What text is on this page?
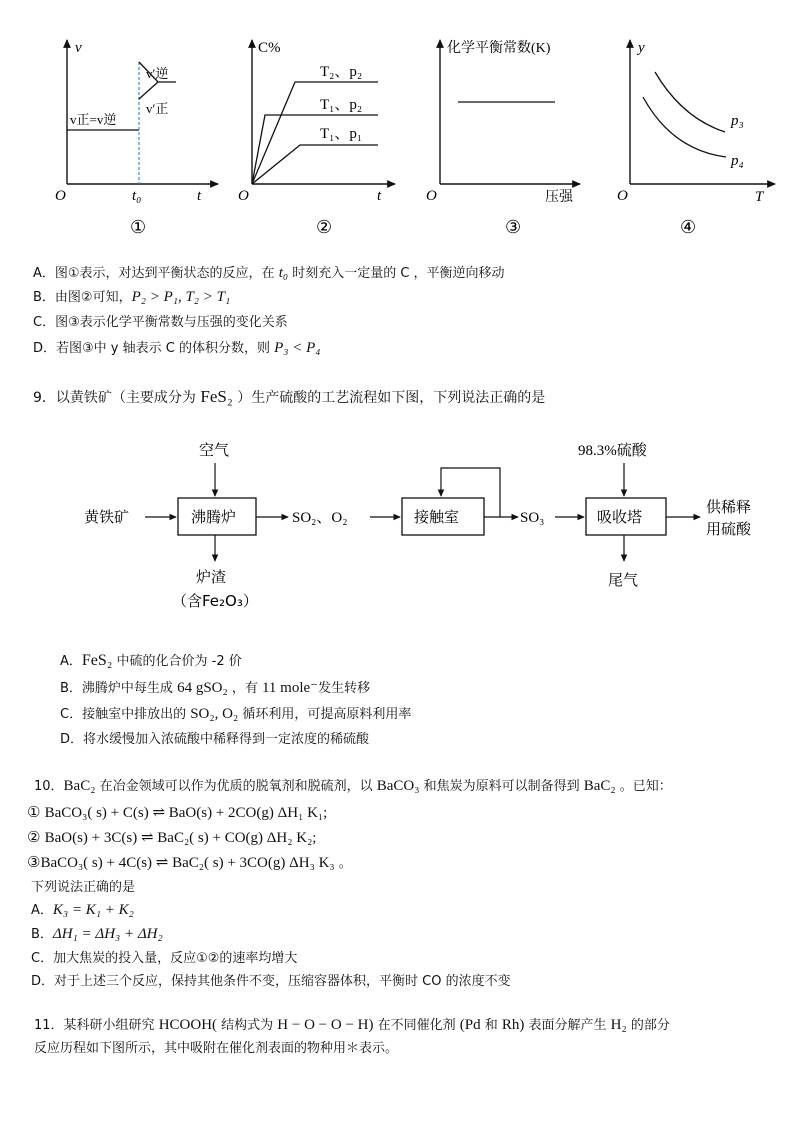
v
O	t₀	t
v′逆
v′正
v正=v逆
①
C%
O	t
T₂、p₂
T₁、p₂
T₁、p₁
②
化学平衡常数(K)
O	压强
③
y
O	T
p₃
p₄
④
A．图①表示，对达到平衡状态的反应，在 t₀ 时刻充入一定量的 C ，平衡逆向移动
B．由图②可知，P₂ > P₁, T₂ > T₁
C．图③表示化学平衡常数与压强的变化关系
D．若图③中 y 轴表示 C 的体积分数，则 P₃ < P₄
9．以黄铁矿（主要成分为 FeS₂ ）生产硫酸的工艺流程如下图，下列说法正确的是
黄铁矿
空气
沸腾炉
炉渣
（含Fe₂O₃）
SO₂、O₂	接触室	SO₃
98.3%硫酸
吸收塔
尾气
供稀释
用硫酸
A．FeS₂ 中硫的化合价为 -2 价
B．沸腾炉中每生成 64 gSO₂ ，有 11 mole⁻发生转移
C．接触室中排放出的 SO₂, O₂ 循环利用，可提高原料利用率
D．将水缓慢加入浓硫酸中稀释得到一定浓度的稀硫酸
10．BaC₂ 在冶金领域可以作为优质的脱氧剂和脱硫剂，以 BaCO₃ 和焦炭为原料可以制备得到 BaC₂ 。已知：
① BaCO₃( s) + C(s) ⇌ BaO(s) + 2CO(g) ΔH₁ K₁;
② BaO(s) + 3C(s) ⇌ BaC₂( s) + CO(g) ΔH₂ K₂;
③BaCO₃( s) + 4C(s) ⇌ BaC₂( s) + 3CO(g) ΔH₃ K₃ 。
下列说法正确的是
A．K₃ = K₁ + K₂
B．ΔH₁ = ΔH₃ + ΔH₂
C．加大焦炭的投入量，反应①②的速率均增大
D．对于上述三个反应，保持其他条件不变，压缩容器体积，平衡时 CO 的浓度不变
11．某科研小组研究 HCOOH( 结构式为 H − O − O − H) 在不同催化剂 (Pd 和 Rh) 表面分解产生 H₂ 的部分
反应历程如下图所示，其中吸附在催化剂表面的物种用＊表示。
